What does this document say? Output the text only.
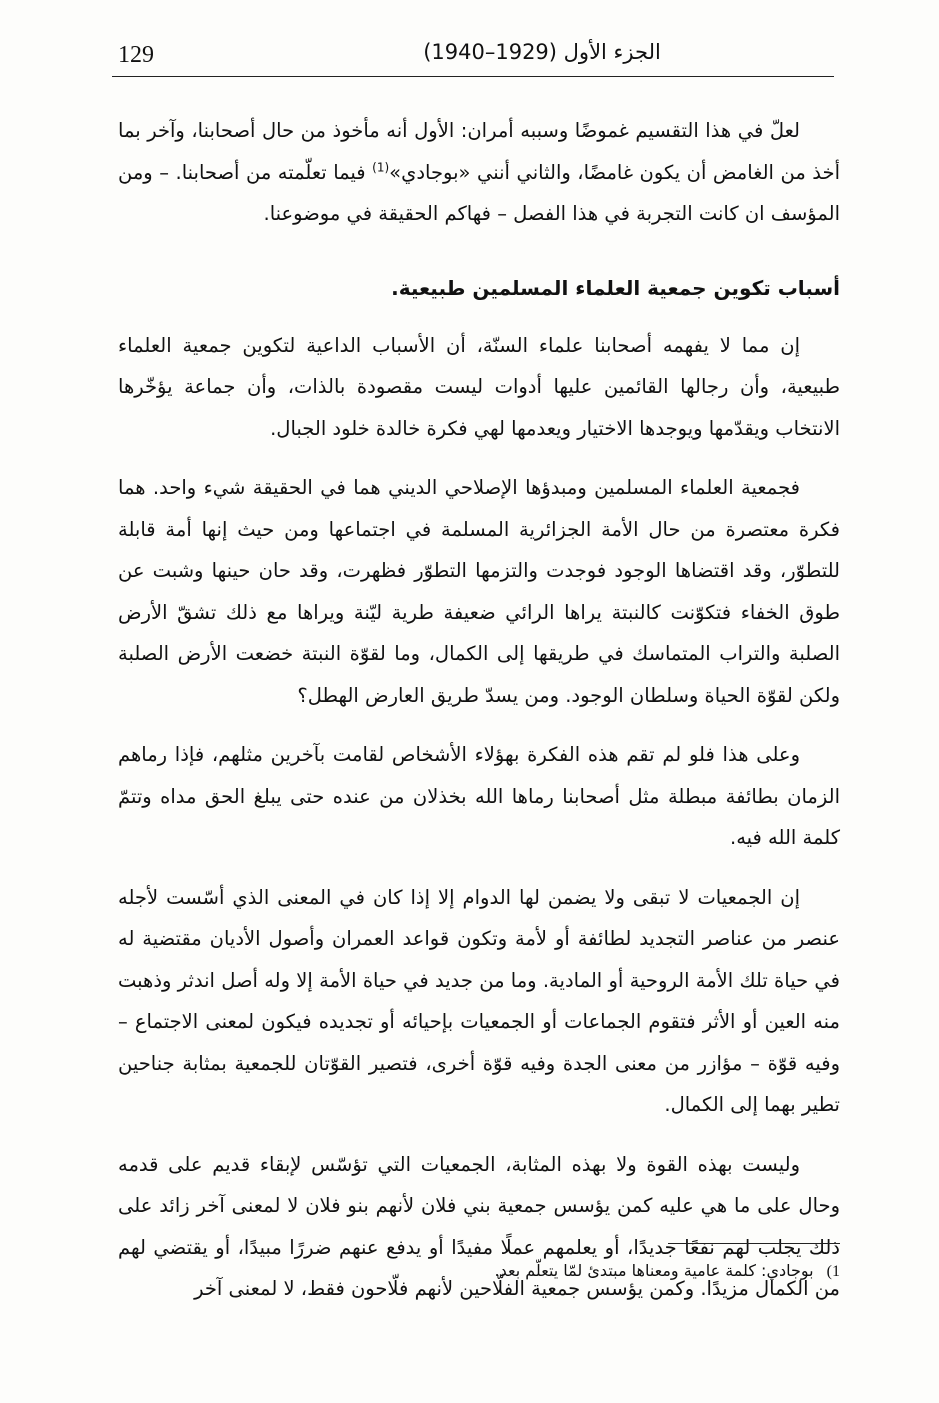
129	الجزء الأول (1929–1940)

لعلّ في هذا التقسيم غموضًا وسببه أمران: الأول أنه مأخوذ من حال أصحابنا، وآخر بما أخذ من الغامض أن يكون غامضًا، والثاني أنني «بوجادي»$^{(1)}$ فيما تعلّمته من أصحابنا. – ومن المؤسف ان كانت التجربة في هذا الفصل – فهاكم الحقيقة في موضوعنا.

أسباب تكوين جمعية العلماء المسلمين طبيعية.

إن مما لا يفهمه أصحابنا علماء السنّة، أن الأسباب الداعية لتكوين جمعية العلماء طبيعية، وأن رجالها القائمين عليها أدوات ليست مقصودة بالذات، وأن جماعة يؤخّرها الانتخاب ويقدّمها ويوجدها الاختيار ويعدمها لهي فكرة خالدة خلود الجبال.

فجمعية العلماء المسلمين ومبدؤها الإصلاحي الديني هما في الحقيقة شيء واحد. هما فكرة معتصرة من حال الأمة الجزائرية المسلمة في اجتماعها ومن حيث إنها أمة قابلة للتطوّر، وقد اقتضاها الوجود فوجدت والتزمها التطوّر فظهرت، وقد حان حينها وشبت عن طوق الخفاء فتكوّنت كالنبتة يراها الرائي ضعيفة طرية ليّنة ويراها مع ذلك تشقّ الأرض الصلبة والتراب المتماسك في طريقها إلى الكمال، وما لقوّة النبتة خضعت الأرض الصلبة ولكن لقوّة الحياة وسلطان الوجود. ومن يسدّ طريق العارض الهطل؟

وعلى هذا فلو لم تقم هذه الفكرة بهؤلاء الأشخاص لقامت بآخرين مثلهم، فإذا رماهم الزمان بطائفة مبطلة مثل أصحابنا رماها الله بخذلان من عنده حتى يبلغ الحق مداه وتتمّ كلمة الله فيه.

إن الجمعيات لا تبقى ولا يضمن لها الدوام إلا إذا كان في المعنى الذي أسّست لأجله عنصر من عناصر التجديد لطائفة أو لأمة وتكون قواعد العمران وأصول الأديان مقتضية له في حياة تلك الأمة الروحية أو المادية. وما من جديد في حياة الأمة إلا وله أصل اندثر وذهبت منه العين أو الأثر فتقوم الجماعات أو الجمعيات بإحيائه أو تجديده فيكون لمعنى الاجتماع – وفيه قوّة – مؤازر من معنى الجدة وفيه قوّة أخرى، فتصير القوّتان للجمعية بمثابة جناحين تطير بهما إلى الكمال.

وليست بهذه القوة ولا بهذه المثابة، الجمعيات التي تؤسّس لإبقاء قديم على قدمه وحال على ما هي عليه كمن يؤسس جمعية بني فلان لأنهم بنو فلان لا لمعنى آخر زائد على ذلك يجلب لهم نفعًا جديدًا، أو يعلمهم عملًا مفيدًا أو يدفع عنهم ضررًا مبيدًا، أو يقتضي لهم من الكمال مزيدًا. وكمن يؤسس جمعية الفلّاحين لأنهم فلّاحون فقط، لا لمعنى آخر

1) بوجادي: كلمة عامية ومعناها مبتدئ لمّا يتعلّم بعد.
